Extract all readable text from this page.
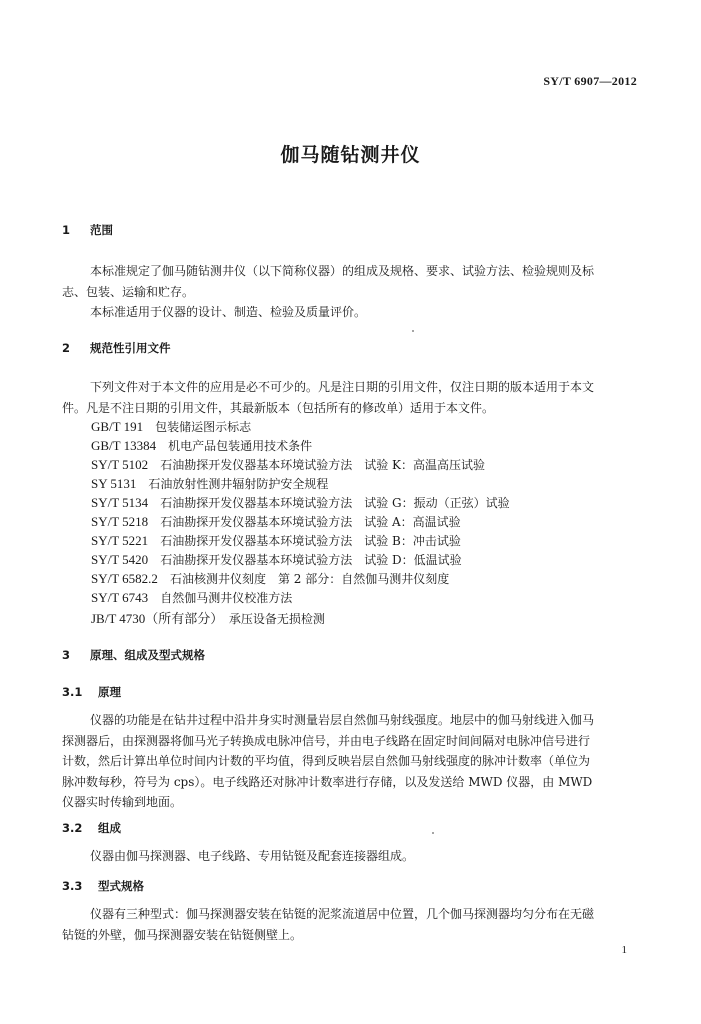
SY/T 6907—2012
伽马随钻测井仪
1 范围
本标准规定了伽马随钻测井仪（以下简称仪器）的组成及规格、要求、试验方法、检验规则及标
志、包装、运输和贮存。
本标准适用于仪器的设计、制造、检验及质量评价。
2 规范性引用文件
下列文件对于本文件的应用是必不可少的。凡是注日期的引用文件，仅注日期的版本适用于本文
件。凡是不注日期的引用文件，其最新版本（包括所有的修改单）适用于本文件。
GB/T 191　 包装储运图示标志
GB/T 13384　 机电产品包装通用技术条件
SY/T 5102　 石油勘探开发仪器基本环境试验方法　试验 K：高温高压试验
SY 5131　 石油放射性测井辐射防护安全规程
SY/T 5134　 石油勘探开发仪器基本环境试验方法　试验 G：振动（正弦）试验
SY/T 5218　 石油勘探开发仪器基本环境试验方法　试验 A：高温试验
SY/T 5221　 石油勘探开发仪器基本环境试验方法　试验 B：冲击试验
SY/T 5420　 石油勘探开发仪器基本环境试验方法　试验 D：低温试验
SY/T 6582.2　 石油核测井仪刻度　第 2 部分：自然伽马测井仪刻度
SY/T 6743　 自然伽马测井仪校准方法
JB/T 4730（所有部分）　 承压设备无损检测
3 原理、组成及型式规格
3.1 原理
仪器的功能是在钻井过程中沿井身实时测量岩层自然伽马射线强度。地层中的伽马射线进入伽马
探测器后，由探测器将伽马光子转换成电脉冲信号，并由电子线路在固定时间间隔对电脉冲信号进行
计数，然后计算出单位时间内计数的平均值，得到反映岩层自然伽马射线强度的脉冲计数率（单位为
脉冲数每秒，符号为 cps）。电子线路还对脉冲计数率进行存储，以及发送给 MWD 仪器，由 MWD
仪器实时传输到地面。
3.2 组成
仪器由伽马探测器、电子线路、专用钻铤及配套连接器组成。
3.3 型式规格
仪器有三种型式：伽马探测器安装在钻铤的泥浆流道居中位置，几个伽马探测器均匀分布在无磁
钻铤的外壁，伽马探测器安装在钻铤侧壁上。
1
